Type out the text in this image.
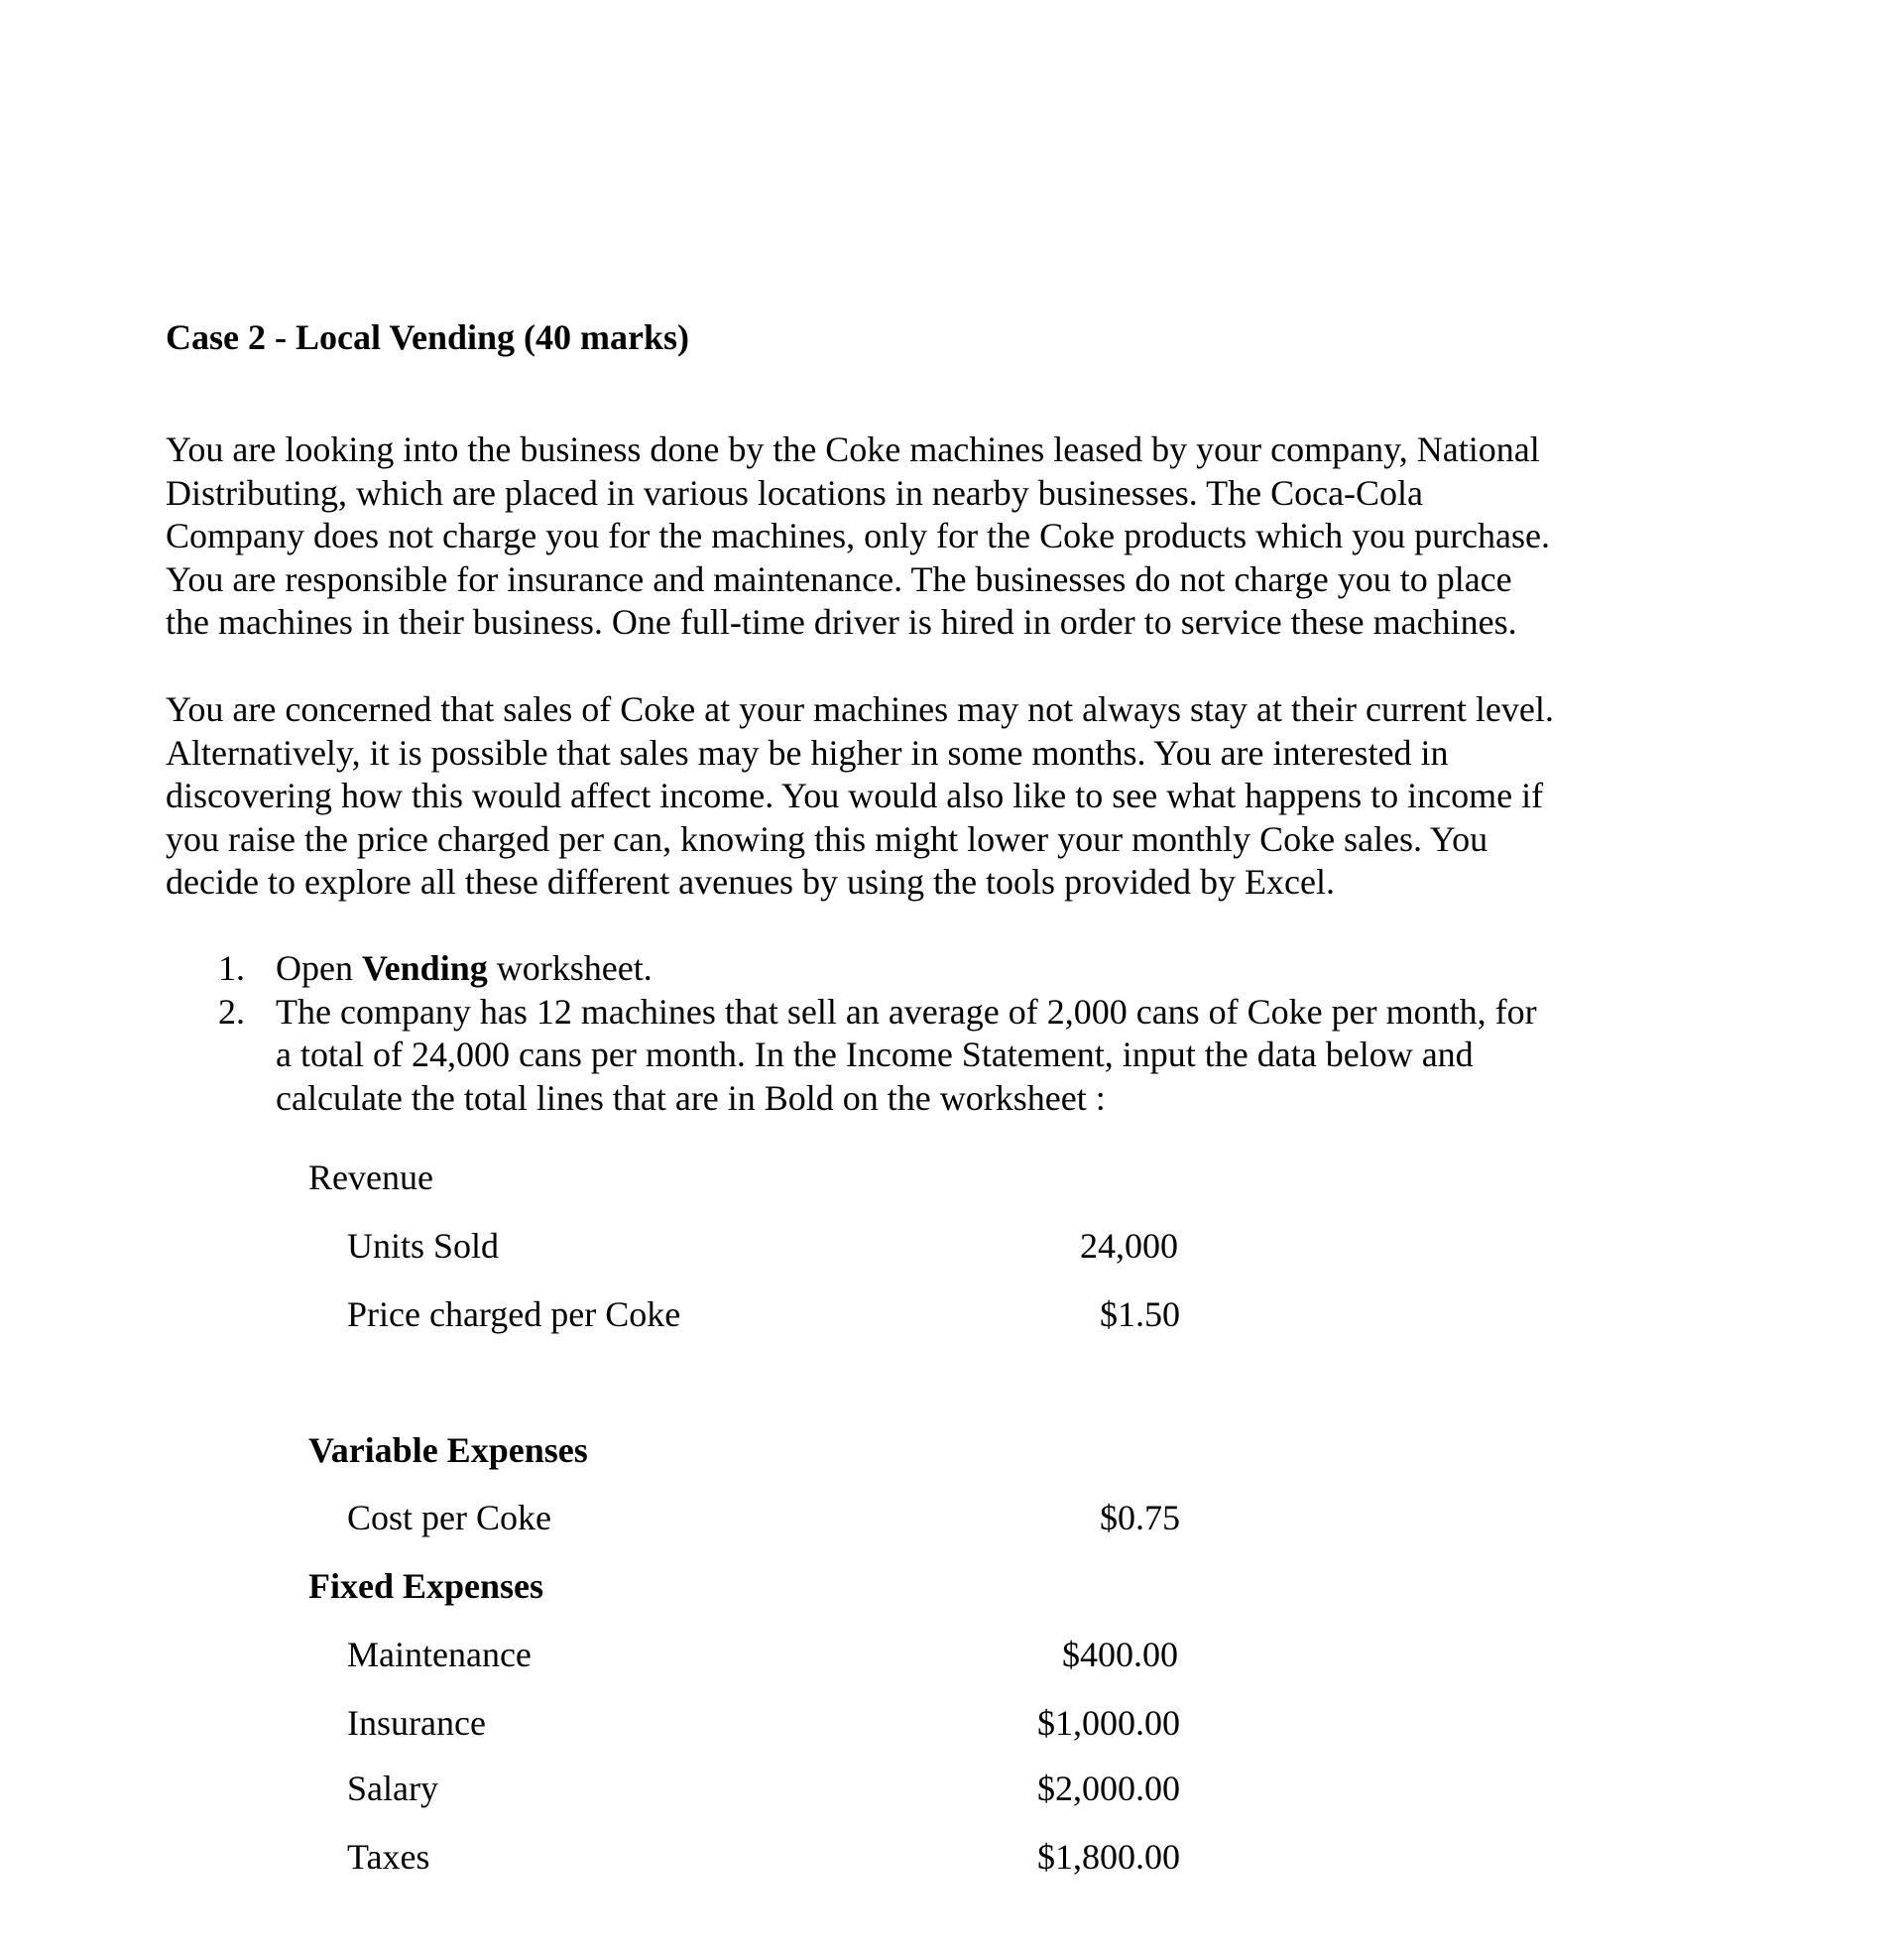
Case 2 - Local Vending (40 marks)
You are looking into the business done by the Coke machines leased by your company, National
Distributing, which are placed in various locations in nearby businesses. The Coca-Cola
Company does not charge you for the machines, only for the Coke products which you purchase.
You are responsible for insurance and maintenance. The businesses do not charge you to place
the machines in their business. One full-time driver is hired in order to service these machines.
You are concerned that sales of Coke at your machines may not always stay at their current level.
Alternatively, it is possible that sales may be higher in some months. You are interested in
discovering how this would affect income. You would also like to see what happens to income if
you raise the price charged per can, knowing this might lower your monthly Coke sales. You
decide to explore all these different avenues by using the tools provided by Excel.
1. Open Vending worksheet.
2. The company has 12 machines that sell an average of 2,000 cans of Coke per month, for
a total of 24,000 cans per month. In the Income Statement, input the data below and
calculate the total lines that are in Bold on the worksheet :
Revenue
Units Sold	24,000
Price charged per Coke	$1.50
Variable Expenses
Cost per Coke	$0.75
Fixed Expenses
Maintenance	$400.00
Insurance	$1,000.00
Salary	$2,000.00
Taxes	$1,800.00
